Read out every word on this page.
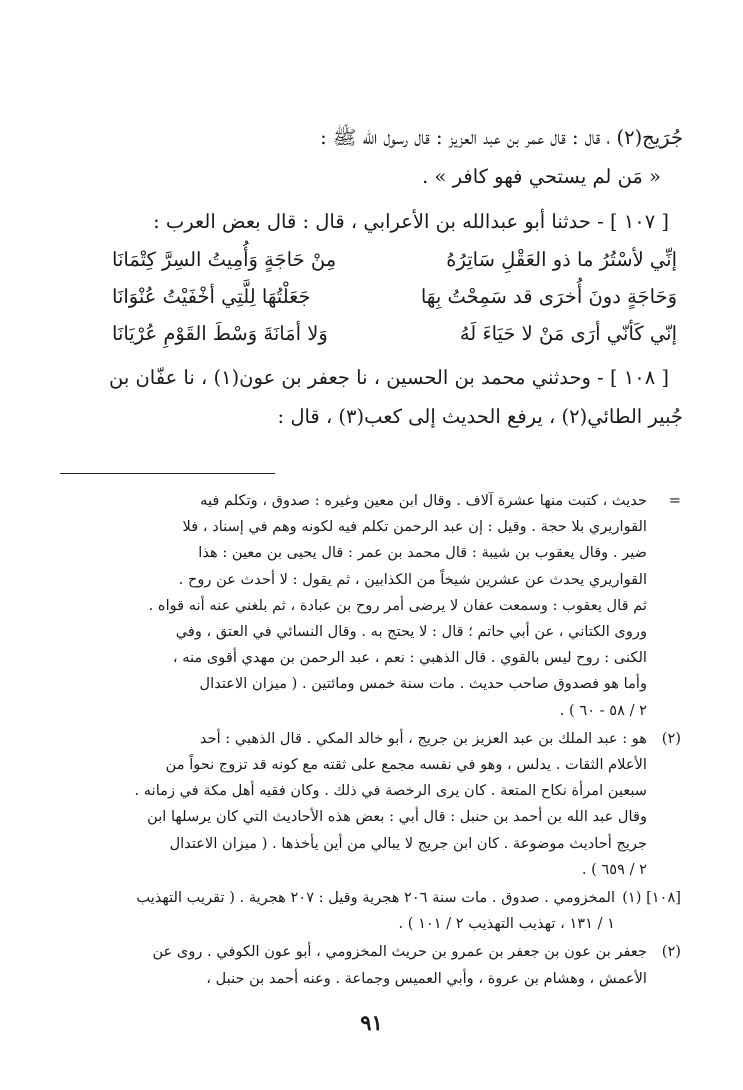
جُرَيج(٢) ، قال : قال عمر بن عبد العزيز : قال رسول الله ﷺ :

« مَن لم يستحي فهو كافر » .

[ ١٠٧ ] - حدثنا أبو عبدالله بن الأعرابي ، قال : قال بعض العرب :

إنِّي لأسْتُرُ ما ذو العَقْلِ سَاتِرُهُ
مِنْ حَاجَةٍ وَأُمِيتُ السِرَّ كِتْمَانَا
وَحَاجَةٍ دونَ أُخرَى قد سَمِحْتُ بِهَا
جَعَلْتُهَا لِلَّتِي أخْفَيْتُ عُنْوَانَا
إنّي كَأنّي أرَى مَنْ لا حَيَاءَ لَهُ
وَلا أمَانَةَ وَسْطَ القَوْمِ عُرْيَانَا

[ ١٠٨ ] - وحدثني محمد بن الحسين ، نا جعفر بن عون(١) ، نا عفّان بن

جُبير الطائي(٢) ، يرفع الحديث إلى كعب(٣) ، قال :

=
حديث ، كتبت منها عشرة آلاف . وقال ابن معين وغيره : صدوق ، وتكلم فيه
القواريري بلا حجة . وقيل : إن عبد الرحمن تكلم فيه لكونه وهم في إسناد ، فلا
ضير . وقال يعقوب بن شيبة : قال محمد بن عمر : قال يحيى بن معين : هذا
القواريري يحدث عن عشرين شيخاً من الكذابين ، ثم يقول : لا أحدث عن روح .
ثم قال يعقوب : وسمعت عفان لا يرضى أمر روح بن عبادة ، ثم بلغني عنه أنه قواه .
وروى الكتاني ، عن أبي حاتم ؛ قال : لا يحتج به . وقال النسائي في العتق ، وفي
الكنى : روح ليس بالقوي . قال الذهبي : نعم ، عبد الرحمن بن مهدي أقوى منه ،
وأما هو فصدوق صاحب حديث . مات سنة خمس ومائتين . ( ميزان الاعتدال
٢ / ٥٨ - ٦٠ ) .
(٢)
هو : عبد الملك بن عبد العزيز بن جريج ، أبو خالد المكي . قال الذهبي : أحد
الأعلام الثقات . يدلس ، وهو في نفسه مجمع على ثقته مع كونه قد تزوج نحواً من
سبعين امرأة نكاح المتعة . كان يرى الرخصة في ذلك . وكان فقيه أهل مكة في زمانه .
وقال عبد الله بن أحمد بن حنبل : قال أبي : بعض هذه الأحاديث التي كان يرسلها ابن
جريج أحاديث موضوعة . كان ابن جريج لا يبالي من أين يأخذها . ( ميزان الاعتدال
٢ / ٦٥٩ ) .
[١٠٨] (١)
المخزومي . صدوق . مات سنة ٢٠٦ هجرية وقيل : ٢٠٧ هجرية . ( تقريب التهذيب
١ / ١٣١ ، تهذيب التهذيب ٢ / ١٠١ ) .
(٢)
جعفر بن عون بن جعفر بن عمرو بن حريث المخزومي ، أبو عون الكوفي . روى عن
الأعمش ، وهشام بن عروة ، وأبي العميس وجماعة . وعنه أحمد بن حنبل ،
٩١
